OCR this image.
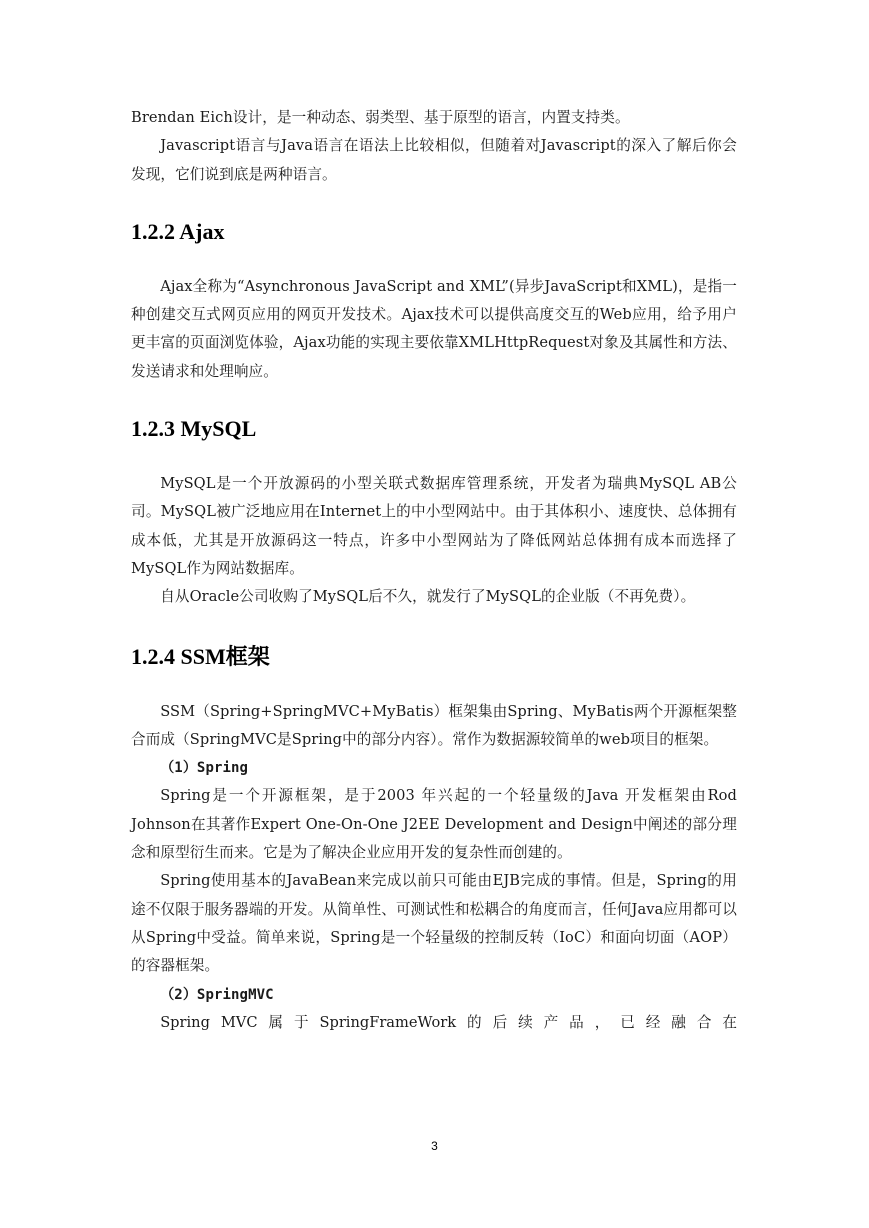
Brendan Eich设计，是一种动态、弱类型、基于原型的语言，内置支持类。

Javascript语言与Java语言在语法上比较相似，但随着对Javascript的深入了解后你会发现，它们说到底是两种语言。

1.2.2 Ajax

Ajax全称为“Asynchronous JavaScript and XML”(异步JavaScript和XML)，是指一种创建交互式网页应用的网页开发技术。Ajax技术可以提供高度交互的Web应用，给予用户更丰富的页面浏览体验，Ajax功能的实现主要依靠XMLHttpRequest对象及其属性和方法、发送请求和处理响应。

1.2.3 MySQL

MySQL是一个开放源码的小型关联式数据库管理系统，开发者为瑞典MySQL AB公司。MySQL被广泛地应用在Internet上的中小型网站中。由于其体积小、速度快、总体拥有成本低，尤其是开放源码这一特点，许多中小型网站为了降低网站总体拥有成本而选择了MySQL作为网站数据库。

自从Oracle公司收购了MySQL后不久，就发行了MySQL的企业版（不再免费）。

1.2.4 SSM框架

SSM（Spring+SpringMVC+MyBatis）框架集由Spring、MyBatis两个开源框架整合而成（SpringMVC是Spring中的部分内容）。常作为数据源较简单的web项目的框架。

（1）Spring

Spring是一个开源框架，是于2003 年兴起的一个轻量级的Java 开发框架由Rod Johnson在其著作Expert One-On-One J2EE Development and Design中阐述的部分理念和原型衍生而来。它是为了解决企业应用开发的复杂性而创建的。

Spring使用基本的JavaBean来完成以前只可能由EJB完成的事情。但是，Spring的用途不仅限于服务器端的开发。从简单性、可测试性和松耦合的角度而言，任何Java应用都可以从Spring中受益。简单来说，Spring是一个轻量级的控制反转（IoC）和面向切面（AOP）的容器框架。

（2）SpringMVC

Spring MVC 属 于 SpringFrameWork 的 后 续 产 品 ， 已 经 融 合 在
3
